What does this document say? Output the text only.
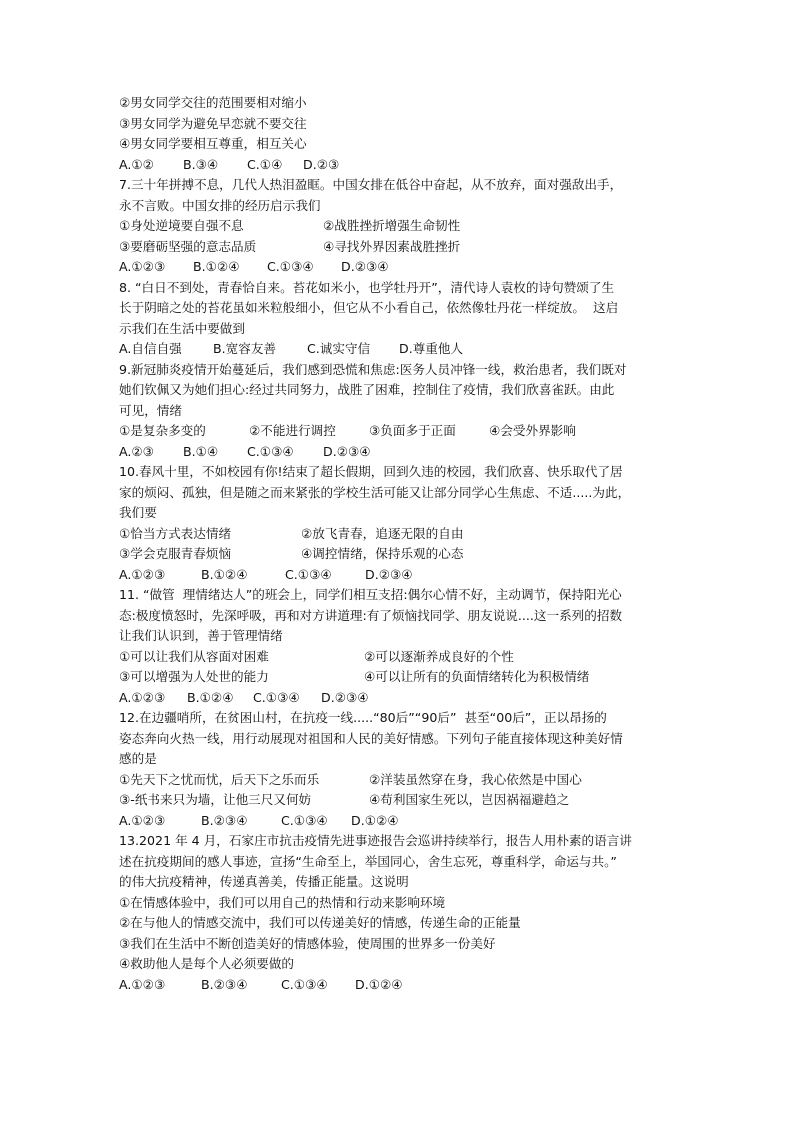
②男女同学交往的范围要相对缩小
③男女同学为避免早恋就不要交往
④男女同学要相互尊重，相互关心
A.①②	B.③④	C.①④	D.②③
7.三十年拼搏不息，几代人热泪盈眶。中国女排在低谷中奋起，从不放弃，面对强敌出手，
永不言败。中国女排的经历启示我们
①身处逆境要自强不息	②战胜挫折增强生命韧性
③要磨砺坚强的意志品质	④寻找外界因素战胜挫折
A.①②③	B.①②④	C.①③④	D.②③④
8. “白日不到处，青春恰自来。苔花如米小，也学牡丹开”，清代诗人袁枚的诗句赞颂了生
长于阴暗之处的苔花虽如米粒般细小，但它从不小看自己，依然像牡丹花一样绽放。  这启
示我们在生活中要做到
A.自信自强	B.宽容友善	C.诚实守信	D.尊重他人
9.新冠肺炎疫情开始蔓延后，我们感到恐慌和焦虑:医务人员冲锋一线，救治患者，我们既对
她们钦佩又为她们担心:经过共同努力，战胜了困难，控制住了疫情，我们欣喜雀跃。由此
可见，情绪
①是复杂多变的	②不能进行调控	③负面多于正面	④会受外界影响
A.②③	B.①④	C.①③④	D.②③④
10.春风十里，不如校园有你!结束了超长假期，回到久违的校园，我们欣喜、快乐取代了居
家的烦闷、孤独，但是随之而来紧张的学校生活可能又让部分同学心生焦虑、不适.....为此，
我们要
①恰当方式表达情绪	②放飞青春，追逐无限的自由
③学会克服青春烦恼	④调控情绪，保持乐观的心态
A.①②③	B.①②④	C.①③④	D.②③④
11. “做管  理情绪达人”的班会上，同学们相互支招:偶尔心情不好，主动调节，保持阳光心
态:极度愤怒时，先深呼吸，再和对方讲道理:有了烦恼找同学、朋友说说....这一系列的招数
让我们认识到，善于管理情绪
①可以让我们从容面对困难	②可以逐渐养成良好的个性
③可以增强为人处世的能力	④可以让所有的负面情绪转化为积极情绪
A.①②③	B.①②④	C.①③④	D.②③④
12.在边疆哨所，在贫困山村，在抗疫一线.....“80后”“90后”  甚至“00后”，正以昂扬的
姿态奔向火热一线，用行动展现对祖国和人民的美好情感。下列句子能直接体现这种美好情
感的是
①先天下之忧而忧，后天下之乐而乐	②洋装虽然穿在身，我心依然是中国心
③-纸书来只为墙，让他三尺又何妨	④苟利国家生死以，岂因祸福避趋之
A.①②③	B.②③④	C.①③④	D.①②④
13.2021 年 4 月，石家庄市抗击疫情先进事迹报告会巡讲持续举行，报告人用朴素的语言讲
述在抗疫期间的感人事迹，宣扬“生命至上，举国同心，舍生忘死，尊重科学，命运与共。”
的伟大抗疫精神，传递真善美，传播正能量。这说明
①在情感体验中，我们可以用自己的热情和行动来影响环境
②在与他人的情感交流中，我们可以传递美好的情感，传递生命的正能量
③我们在生活中不断创造美好的情感体验，使周围的世界多一份美好
④救助他人是每个人必须要做的
A.①②③	B.②③④	C.①③④	D.①②④
